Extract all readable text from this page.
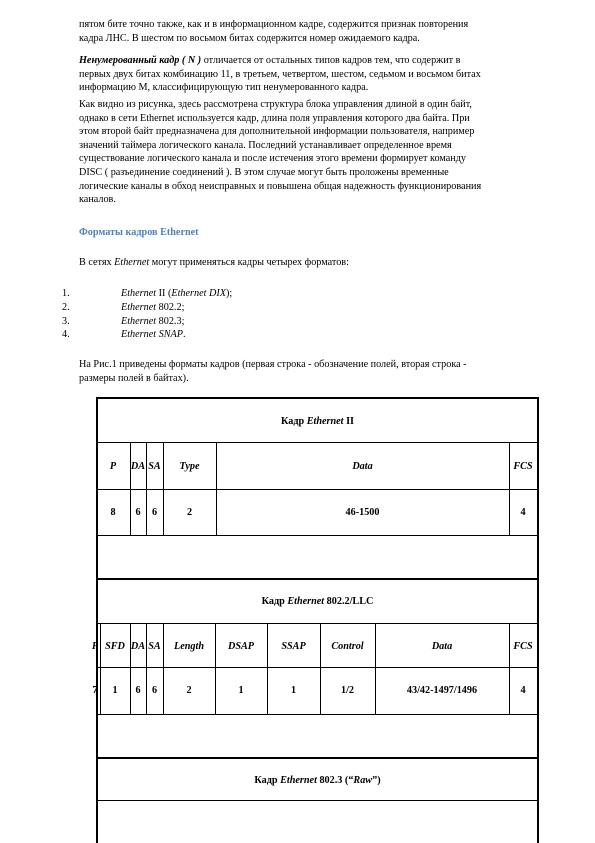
пятом бите точно также, как и в информационном кадре, содержится признак повторения
кадра ЛНС. В шестом по восьмом битах содержится номер ожидаемого кадра.

Ненумерованный кадр ( N ) отличается от остальных типов кадров тем, что содержит в
первых двух битах комбинацию 11, в третьем, четвертом, шестом, седьмом и восьмом битах
информацию М, классифицирующую тип ненумерованного кадра.

Как видно из рисунка, здесь рассмотрена структура блока управления длиной в один байт,
однако в сети Ethernet используется кадр, длина поля управления которого два байта. При
этом второй байт предназначена для дополнительной информации пользователя, например
значений таймера логического канала. Последний устанавливает определенное время
существование логического канала и после истечения этого времени формирует команду
DISC ( разъединение соединений ). В этом случае могут быть проложены временные
логические каналы в обход неисправных и повышена общая надежность функционирования
каналов.

Форматы кадров Ethernet

В сетях Ethernet могут применяться кадры четырех форматов:

1.	Ethernet II (Ethernet DIX);
2.	Ethernet 802.2;
3.	Ethernet 802.3;
4.	Ethernet SNAP.

На Рис.1 приведены форматы кадров (первая строка - обозначение полей, вторая строка -
размеры полей в байтах).

Кадр Ethernet II
P	DA SA	Type	Data	FCS
8	6	6	2	46-1500	4
Кадр Ethernet 802.2/LLC
P SFD DA SA	Length	DSAP	SSAP	Control	Data	FCS
7	1	6	6	2	1	1	1/2	43/42-1497/1496	4
Кадр Ethernet 802.3 (“Raw”)
